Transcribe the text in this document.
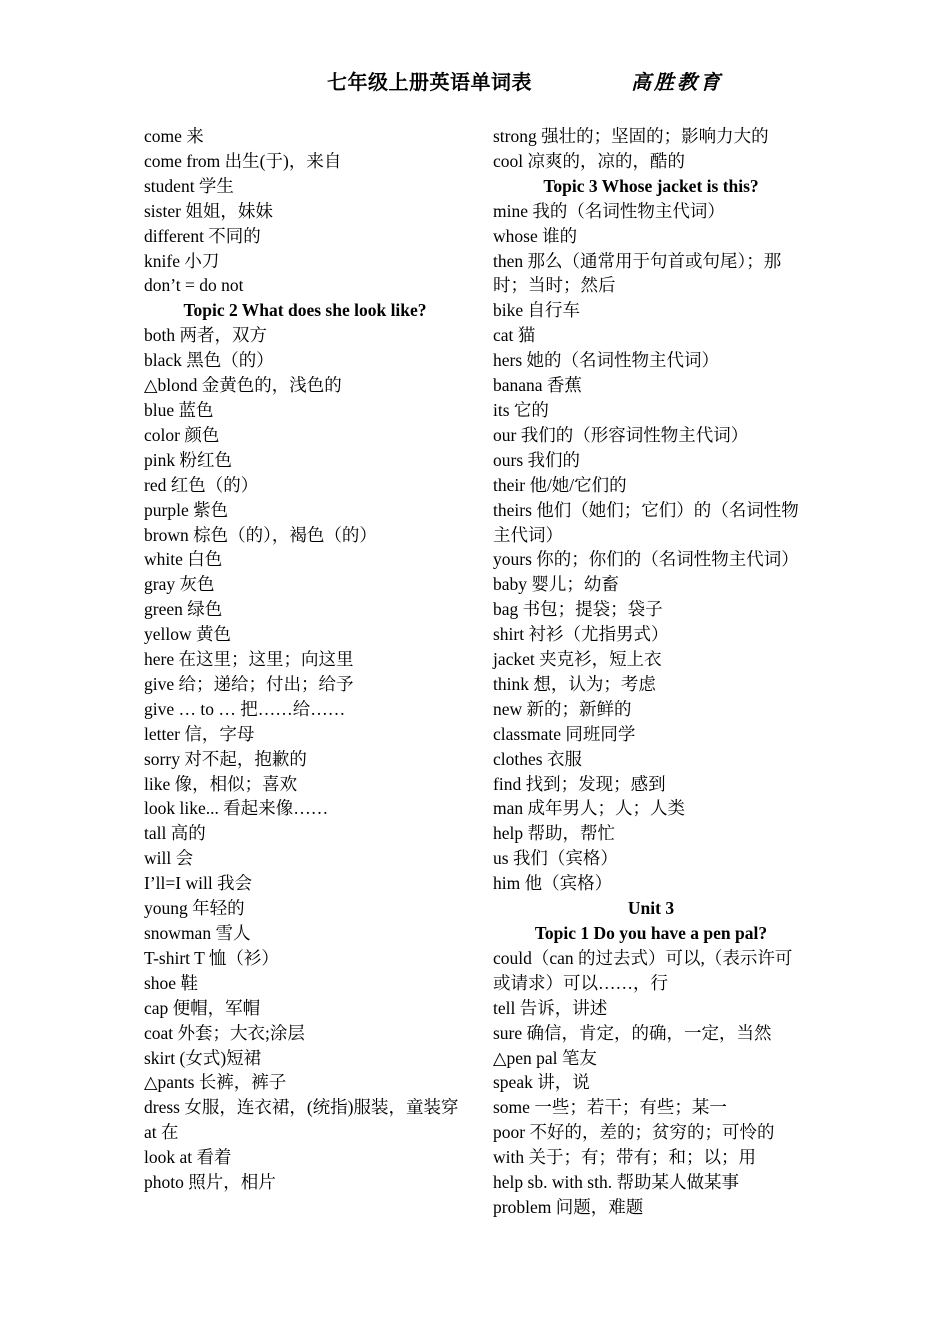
七年级上册英语单词表	高胜教育

come 来

come from 出生(于)，来自

student 学生

sister 姐姐，妹妹

different 不同的

knife 小刀

don’t = do not

Topic 2 What does she look like?

both 两者，双方

black 黑色（的）

△blond 金黄色的，浅色的

blue 蓝色

color 颜色

pink 粉红色

red 红色（的）

purple 紫色

brown 棕色（的），褐色（的）

white 白色

gray 灰色

green 绿色

yellow 黄色

here 在这里；这里；向这里

give 给；递给；付出；给予

give … to … 把……给……

letter 信，字母

sorry 对不起，抱歉的

like 像，相似；喜欢

look like... 看起来像……

tall 高的

will 会

I’ll=I will 我会

young 年轻的

snowman 雪人

T-shirt T 恤（衫）

shoe 鞋

cap 便帽，军帽

coat 外套；大衣;涂层

skirt (女式)短裙

△pants 长裤，裤子

dress 女服，连衣裙，(统指)服装，童装穿

at 在

look at 看着

photo 照片，相片

strong 强壮的；坚固的；影响力大的

cool 凉爽的，凉的，酷的

Topic 3 Whose jacket is this?

mine 我的（名词性物主代词）

whose 谁的

then 那么（通常用于句首或句尾）；那时；当时；然后

bike 自行车

cat 猫

hers 她的（名词性物主代词）

banana 香蕉

its 它的

our 我们的（形容词性物主代词）

ours 我们的

their 他/她/它们的

theirs 他们（她们；它们）的（名词性物主代词）

yours 你的；你们的（名词性物主代词）

baby 婴儿；幼畜

bag 书包；提袋；袋子

shirt 衬衫（尤指男式）

jacket 夹克衫，短上衣

think 想，认为；考虑

new 新的；新鲜的

classmate 同班同学

clothes 衣服

find 找到；发现；感到

man 成年男人；人；人类

help 帮助，帮忙

us 我们（宾格）

him 他（宾格）

Unit 3

Topic 1 Do you have a pen pal?

could（can 的过去式）可以,（表示许可或请求）可以……，行

tell 告诉，讲述

sure 确信，肯定，的确，一定，当然

△pen pal 笔友

speak 讲，说

some 一些；若干；有些；某一

poor 不好的，差的；贫穷的；可怜的

with 关于；有；带有；和；以；用

help sb. with sth. 帮助某人做某事

problem 问题，难题
